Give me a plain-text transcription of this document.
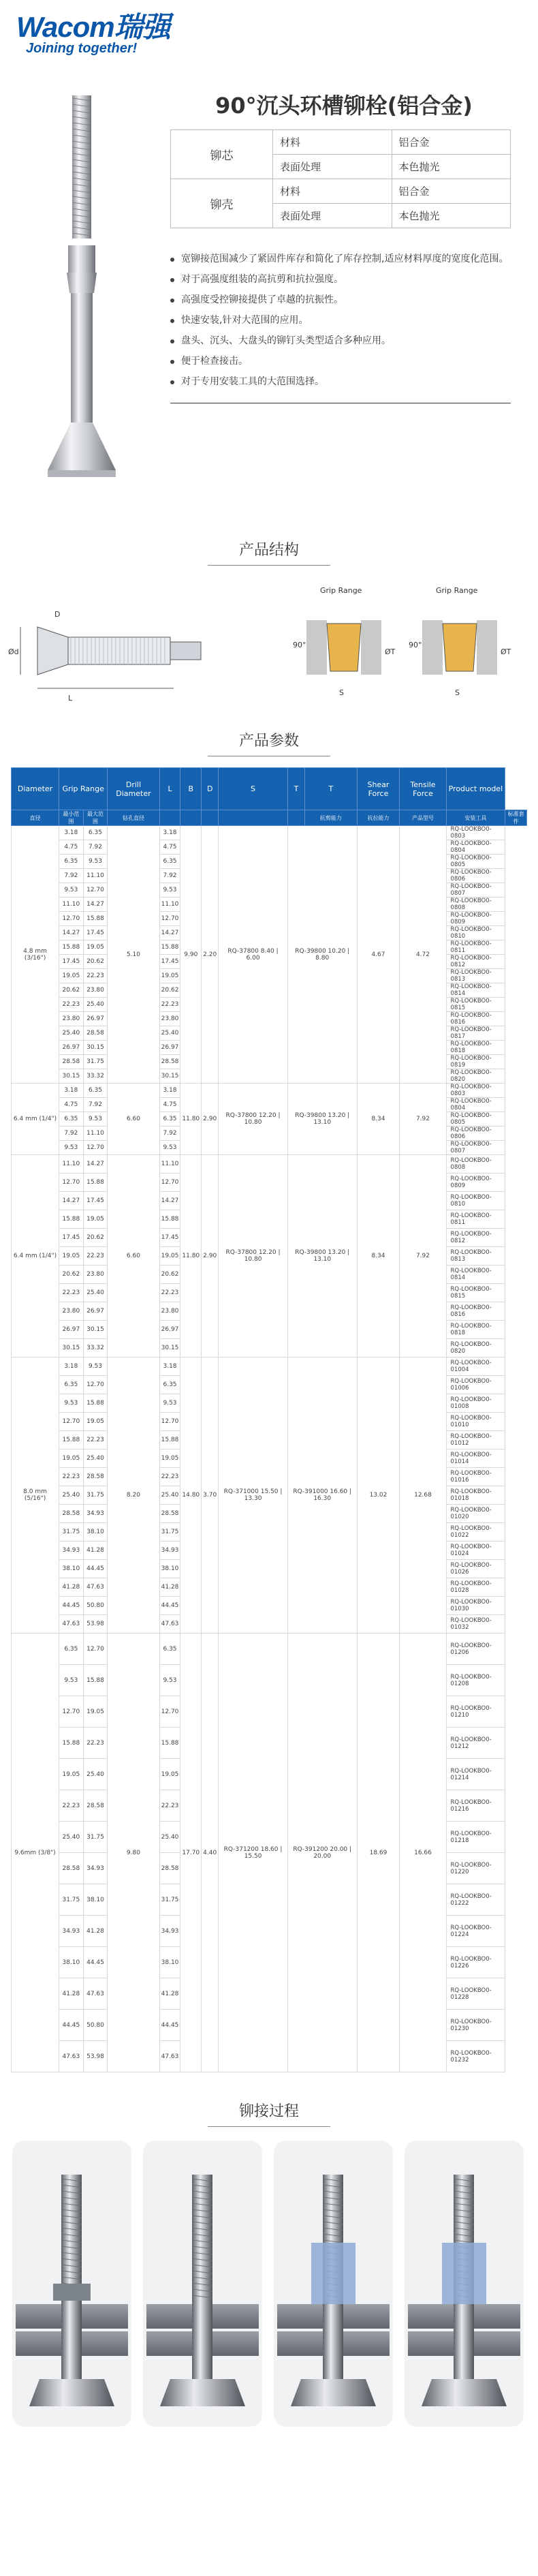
Wacom瑞强
Joining together!
90°沉头环槽铆栓(铝合金)
铆芯	材料	铝合金
	表面处理	本色抛光
铆壳	材料	铝合金
	表面处理	本色抛光
宽铆接范围减少了紧固件库存和简化了库存控制,适应材料厚度的宽度化范围。
对于高强度组装的高抗剪和抗拉强度。
高强度受控铆接提供了卓越的抗振性。
快速安装,针对大范围的应用。
盘头、沉头、大盘头的铆钉头类型适合多种应用。
便于检查接击。
对于专用安装工具的大范围选择。
产品结构
Ød
D
L
Grip Range
90°
ØT
S
Grip Range
90°
ØT
S
产品参数
Diameter	Grip Range		Drill Diameter	L	B	D	S	T	T	Shear Force	Tensile Force	Product model	
直径	最小范围	最大范围	钻孔直径						抗剪能力	抗拉能力	产品型号	安装工具	标准套件
4.8 mm (3/16")	3.18	6.35	5.10	3.18	9.90	2.20	RQ-37800 8.40 | 6.00	RQ-39800 10.20 | 8.80		4.67	4.72	RQ-LOOKBO0-0803	
	4.75	7.92		4.75								RQ-LOOKBO0-0804	
	6.35	9.53		6.35								RQ-LOOKBO0-0805	
	7.92	11.10		7.92								RQ-LOOKBO0-0806	
	9.53	12.70		9.53								RQ-LOOKBO0-0807	
	11.10	14.27		11.10								RQ-LOOKBO0-0808	
	12.70	15.88		12.70								RQ-LOOKBO0-0809	
	14.27	17.45		14.27								RQ-LOOKBO0-0810	
	15.88	19.05		15.88								RQ-LOOKBO0-0811	
	17.45	20.62		17.45								RQ-LOOKBO0-0812	
	19.05	22.23		19.05								RQ-LOOKBO0-0813	
	20.62	23.80		20.62								RQ-LOOKBO0-0814	
	22.23	25.40		22.23								RQ-LOOKBO0-0815	
	23.80	26.97		23.80								RQ-LOOKBO0-0816	
	25.40	28.58		25.40								RQ-LOOKBO0-0817	
	26.97	30.15		26.97								RQ-LOOKBO0-0818	
	28.58	31.75		28.58								RQ-LOOKBO0-0819	
	30.15	33.32		30.15								RQ-LOOKBO0-0820	
6.4 mm (1/4")	3.18	6.35	6.60	3.18	11.80	2.90	RQ-37800 12.20 | 10.80	RQ-39800 13.20 | 13.10		8.34	7.92	RQ-LOOKBO0-0803	
	4.75	7.92		4.75								RQ-LOOKBO0-0804	
	6.35	9.53		6.35								RQ-LOOKBO0-0805	
	7.92	11.10		7.92								RQ-LOOKBO0-0806	
	9.53	12.70		9.53								RQ-LOOKBO0-0807	
6.4 mm (1/4")	11.10	14.27	6.60	11.10	11.80	2.90	RQ-37800 12.20 | 10.80	RQ-39800 13.20 | 13.10		8.34	7.92	RQ-LOOKBO0-0808	
	12.70	15.88		12.70								RQ-LOOKBO0-0809	
	14.27	17.45		14.27								RQ-LOOKBO0-0810	
	15.88	19.05		15.88								RQ-LOOKBO0-0811	
	17.45	20.62		17.45								RQ-LOOKBO0-0812	
	19.05	22.23		19.05								RQ-LOOKBO0-0813	
	20.62	23.80		20.62								RQ-LOOKBO0-0814	
	22.23	25.40		22.23								RQ-LOOKBO0-0815	
	23.80	26.97		23.80								RQ-LOOKBO0-0816	
	26.97	30.15		26.97								RQ-LOOKBO0-0818	
	30.15	33.32		30.15								RQ-LOOKBO0-0820	
8.0 mm (5/16")	3.18	9.53	8.20	3.18	14.80	3.70	RQ-371000 15.50 | 13.30	RQ-391000 16.60 | 16.30		13.02	12.68	RQ-LOOKBO0-01004	
	6.35	12.70		6.35								RQ-LOOKBO0-01006	
	9.53	15.88		9.53								RQ-LOOKBO0-01008	
	12.70	19.05		12.70								RQ-LOOKBO0-01010	
	15.88	22.23		15.88								RQ-LOOKBO0-01012	
	19.05	25.40		19.05								RQ-LOOKBO0-01014	
	22.23	28.58		22.23								RQ-LOOKBO0-01016	
	25.40	31.75		25.40								RQ-LOOKBO0-01018	
	28.58	34.93		28.58								RQ-LOOKBO0-01020	
	31.75	38.10		31.75								RQ-LOOKBO0-01022	
	34.93	41.28		34.93								RQ-LOOKBO0-01024	
	38.10	44.45		38.10								RQ-LOOKBO0-01026	
	41.28	47.63		41.28								RQ-LOOKBO0-01028	
	44.45	50.80		44.45								RQ-LOOKBO0-01030	
	47.63	53.98		47.63								RQ-LOOKBO0-01032	
9.6mm (3/8")	6.35	12.70	9.80	6.35	17.70	4.40	RQ-371200 18.60 | 15.50	RQ-391200 20.00 | 20.00		18.69	16.66	RQ-LOOKBO0-01206	
	9.53	15.88		9.53								RQ-LOOKBO0-01208	
	12.70	19.05		12.70								RQ-LOOKBO0-01210	
	15.88	22.23		15.88								RQ-LOOKBO0-01212	
	19.05	25.40		19.05								RQ-LOOKBO0-01214	
	22.23	28.58		22.23								RQ-LOOKBO0-01216	
	25.40	31.75		25.40								RQ-LOOKBO0-01218	
	28.58	34.93		28.58								RQ-LOOKBO0-01220	
	31.75	38.10		31.75								RQ-LOOKBO0-01222	
	34.93	41.28		34.93								RQ-LOOKBO0-01224	
	38.10	44.45		38.10								RQ-LOOKBO0-01226	
	41.28	47.63		41.28								RQ-LOOKBO0-01228	
	44.45	50.80		44.45								RQ-LOOKBO0-01230	
	47.63	53.98		47.63								RQ-LOOKBO0-01232	
铆接过程
